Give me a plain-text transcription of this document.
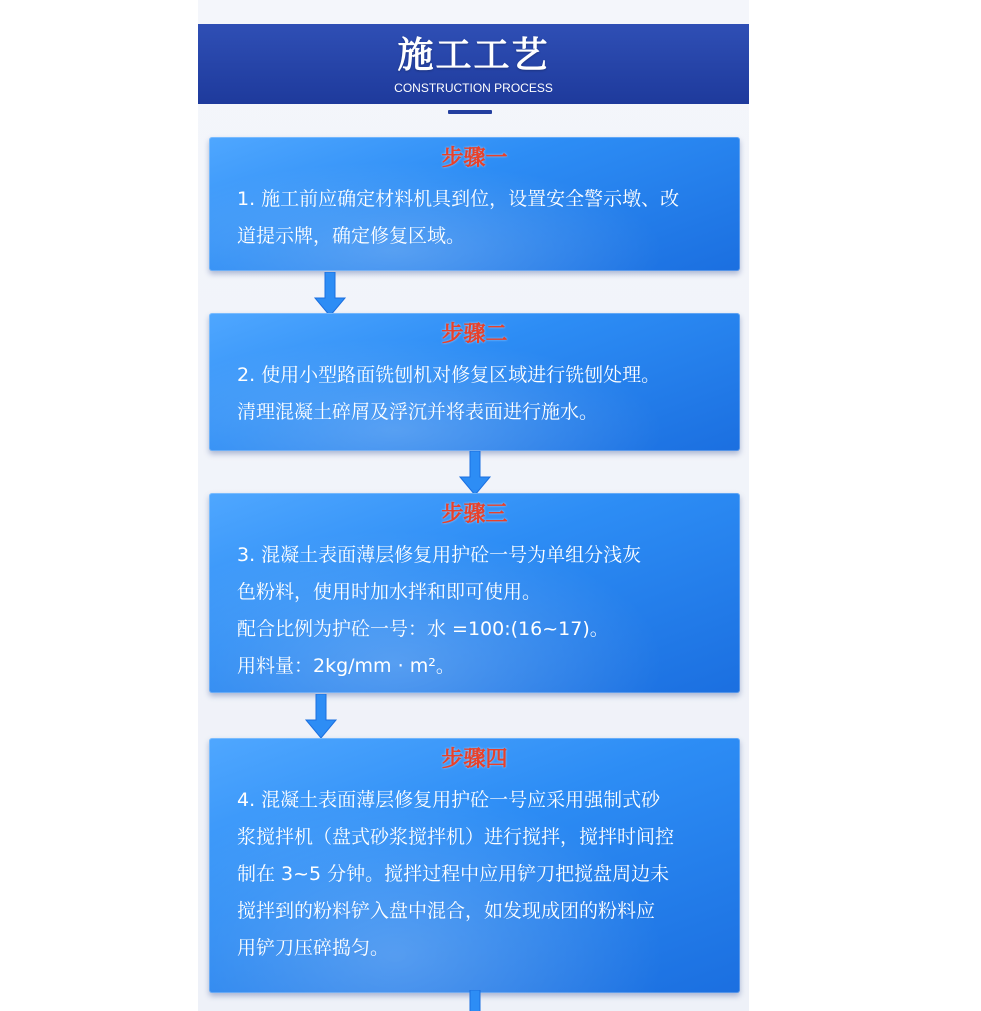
施工工艺
CONSTRUCTION PROCESS
步骤一
1. 施工前应确定材料机具到位，设置安全警示墩、改
道提示牌，确定修复区域。
步骤二
2. 使用小型路面铣刨机对修复区域进行铣刨处理。
清理混凝土碎屑及浮沉并将表面进行施水。
步骤三
3. 混凝土表面薄层修复用护砼一号为单组分浅灰
色粉料，使用时加水拌和即可使用。
配合比例为护砼一号：水 =100:(16~17)。
用料量：2kg/mm · m²。
步骤四
4. 混凝土表面薄层修复用护砼一号应采用强制式砂
浆搅拌机（盘式砂浆搅拌机）进行搅拌，搅拌时间控
制在 3~5 分钟。搅拌过程中应用铲刀把搅盘周边未
搅拌到的粉料铲入盘中混合，如发现成团的粉料应
用铲刀压碎捣匀。
